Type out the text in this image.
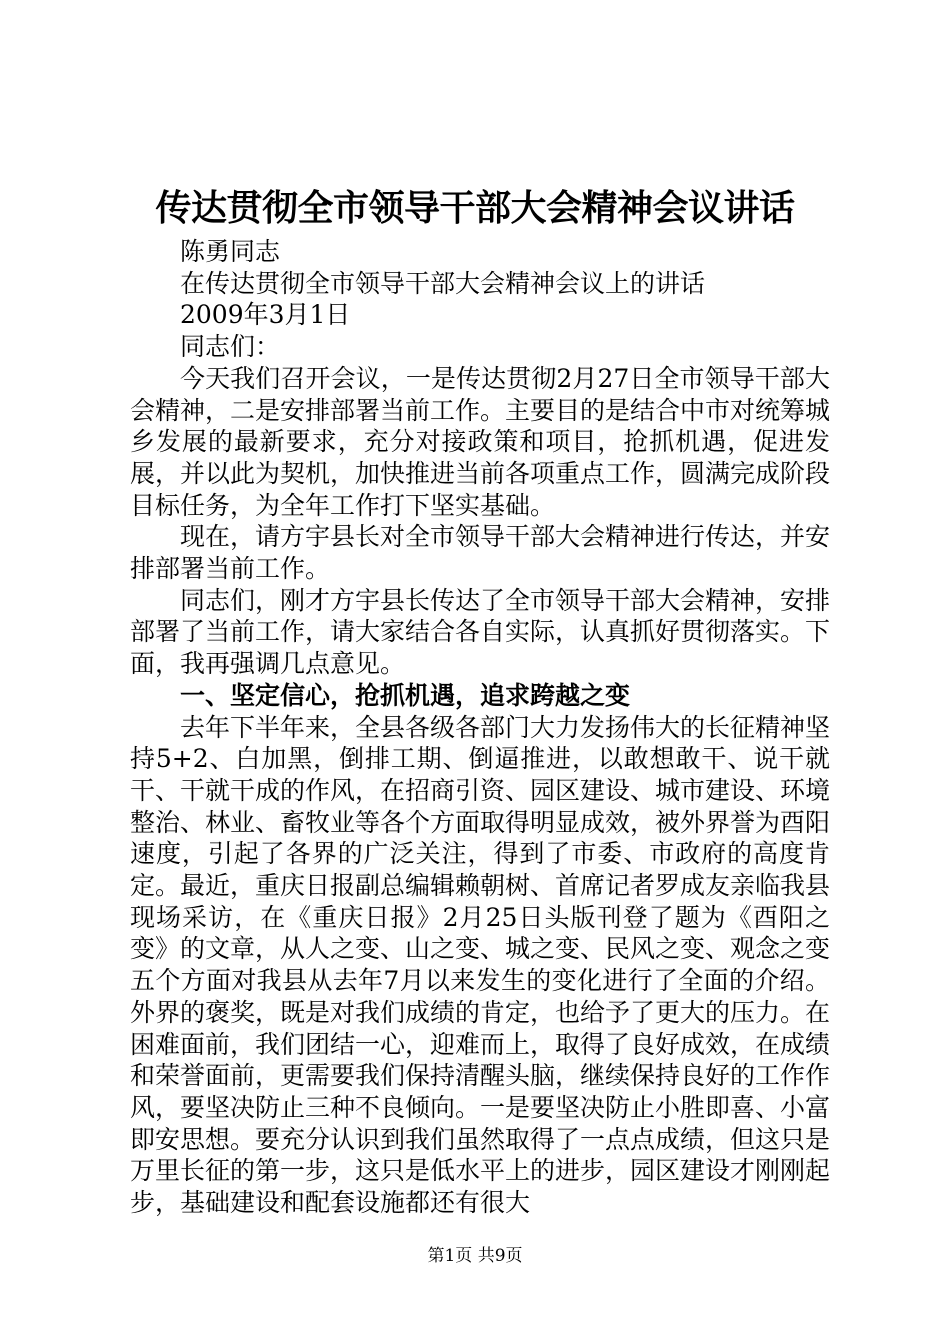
传达贯彻全市领导干部大会精神会议讲话

陈勇同志

在传达贯彻全市领导干部大会精神会议上的讲话

2009年3月1日

同志们：

今天我们召开会议，一是传达贯彻2月27日全市领导干部大会精神，二是安排部署当前工作。主要目的是结合中市对统筹城乡发展的最新要求，充分对接政策和项目，抢抓机遇，促进发展，并以此为契机，加快推进当前各项重点工作，圆满完成阶段目标任务，为全年工作打下坚实基础。

现在，请方宇县长对全市领导干部大会精神进行传达，并安排部署当前工作。

同志们，刚才方宇县长传达了全市领导干部大会精神，安排部署了当前工作，请大家结合各自实际，认真抓好贯彻落实。下面，我再强调几点意见。

一、坚定信心，抢抓机遇，追求跨越之变

去年下半年来，全县各级各部门大力发扬伟大的长征精神坚持5+2、白加黑，倒排工期、倒逼推进，以敢想敢干、说干就干、干就干成的作风，在招商引资、园区建设、城市建设、环境整治、林业、畜牧业等各个方面取得明显成效，被外界誉为酉阳速度，引起了各界的广泛关注，得到了市委、市政府的高度肯定。最近，重庆日报副总编辑赖朝树、首席记者罗成友亲临我县现场采访，在《重庆日报》2月25日头版刊登了题为《酉阳之变》的文章，从人之变、山之变、城之变、民风之变、观念之变五个方面对我县从去年7月以来发生的变化进行了全面的介绍。外界的褒奖，既是对我们成绩的肯定，也给予了更大的压力。在困难面前，我们团结一心，迎难而上，取得了良好成效，在成绩和荣誉面前，更需要我们保持清醒头脑，继续保持良好的工作作风，要坚决防止三种不良倾向。一是要坚决防止小胜即喜、小富即安思想。要充分认识到我们虽然取得了一点点成绩，但这只是万里长征的第一步，这只是低水平上的进步，园区建设才刚刚起步，基础建设和配套设施都还有很大

第1页 共9页
